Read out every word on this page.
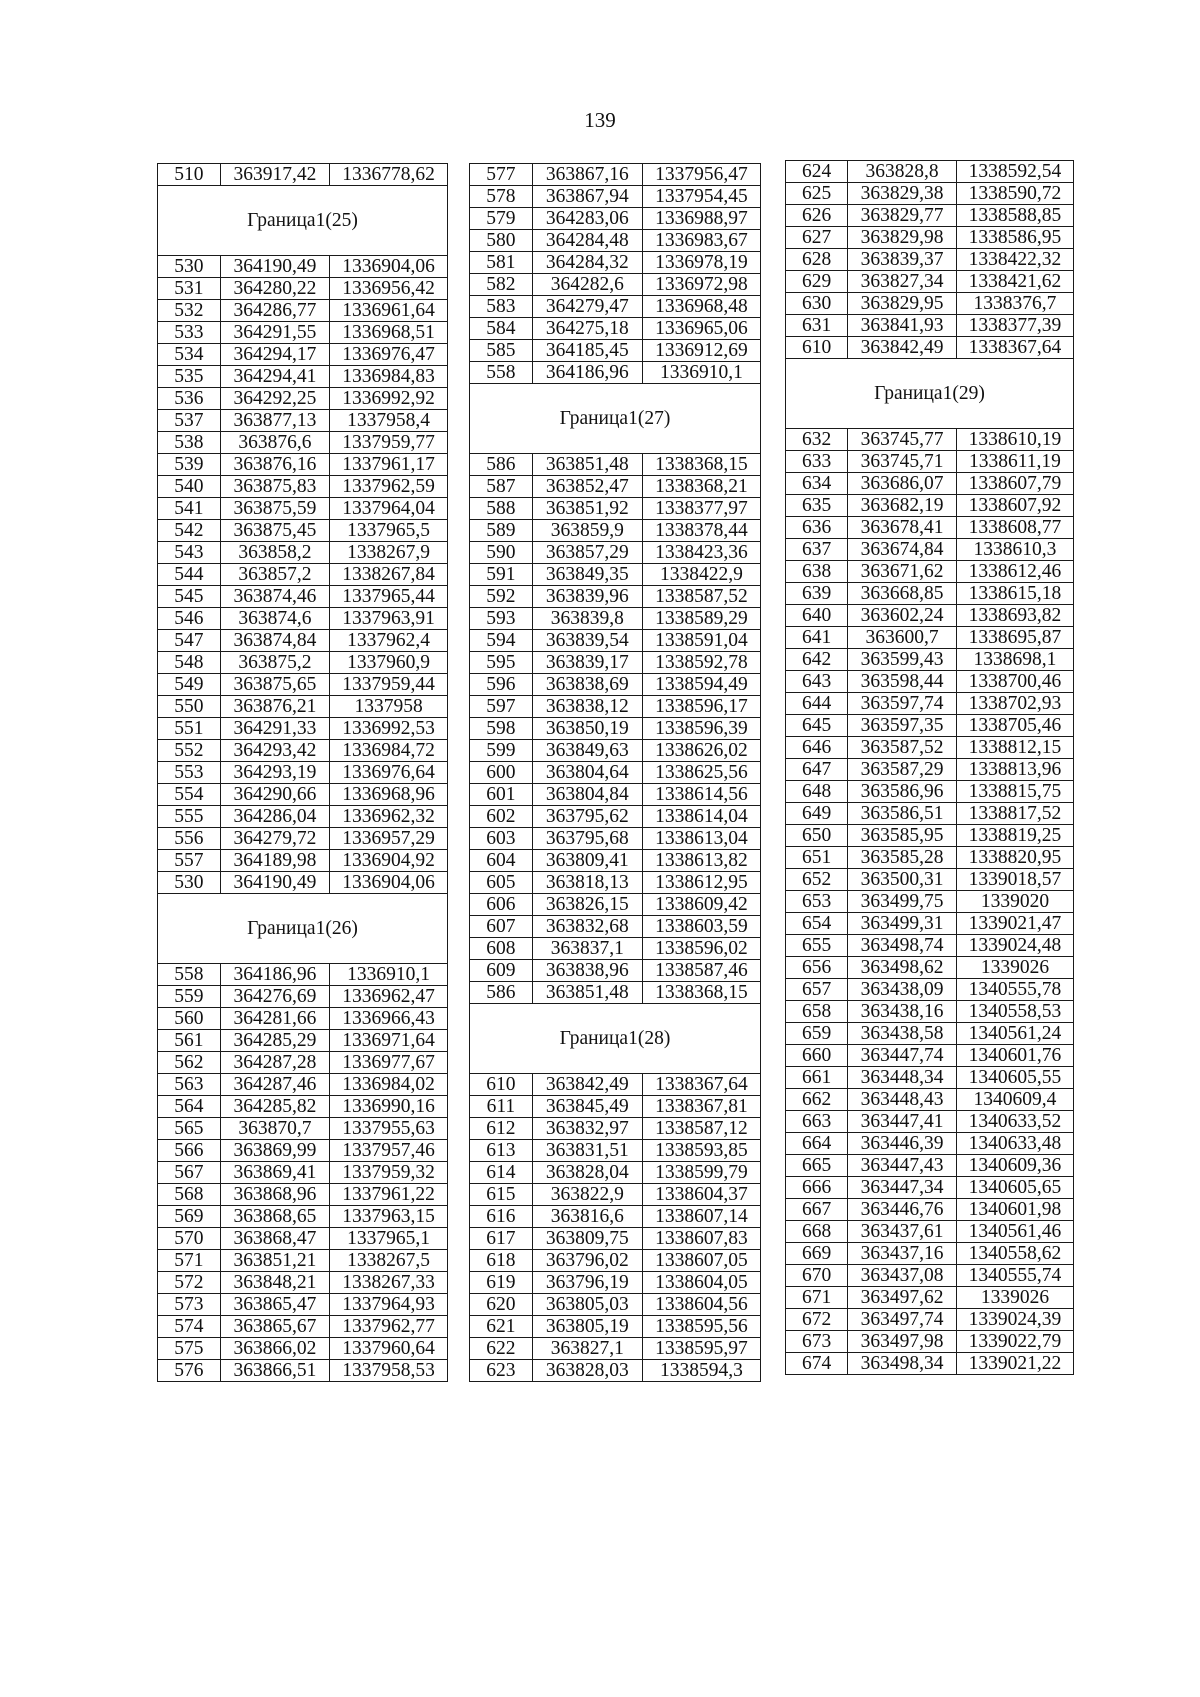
139
510	363917,42	1336778,62
Граница1(25)		
530	364190,49	1336904,06
531	364280,22	1336956,42
532	364286,77	1336961,64
533	364291,55	1336968,51
534	364294,17	1336976,47
535	364294,41	1336984,83
536	364292,25	1336992,92
537	363877,13	1337958,4
538	363876,6	1337959,77
539	363876,16	1337961,17
540	363875,83	1337962,59
541	363875,59	1337964,04
542	363875,45	1337965,5
543	363858,2	1338267,9
544	363857,2	1338267,84
545	363874,46	1337965,44
546	363874,6	1337963,91
547	363874,84	1337962,4
548	363875,2	1337960,9
549	363875,65	1337959,44
550	363876,21	1337958
551	364291,33	1336992,53
552	364293,42	1336984,72
553	364293,19	1336976,64
554	364290,66	1336968,96
555	364286,04	1336962,32
556	364279,72	1336957,29
557	364189,98	1336904,92
530	364190,49	1336904,06
Граница1(26)		
558	364186,96	1336910,1
559	364276,69	1336962,47
560	364281,66	1336966,43
561	364285,29	1336971,64
562	364287,28	1336977,67
563	364287,46	1336984,02
564	364285,82	1336990,16
565	363870,7	1337955,63
566	363869,99	1337957,46
567	363869,41	1337959,32
568	363868,96	1337961,22
569	363868,65	1337963,15
570	363868,47	1337965,1
571	363851,21	1338267,5
572	363848,21	1338267,33
573	363865,47	1337964,93
574	363865,67	1337962,77
575	363866,02	1337960,64
576	363866,51	1337958,53
577	363867,16	1337956,47
578	363867,94	1337954,45
579	364283,06	1336988,97
580	364284,48	1336983,67
581	364284,32	1336978,19
582	364282,6	1336972,98
583	364279,47	1336968,48
584	364275,18	1336965,06
585	364185,45	1336912,69
558	364186,96	1336910,1
Граница1(27)		
586	363851,48	1338368,15
587	363852,47	1338368,21
588	363851,92	1338377,97
589	363859,9	1338378,44
590	363857,29	1338423,36
591	363849,35	1338422,9
592	363839,96	1338587,52
593	363839,8	1338589,29
594	363839,54	1338591,04
595	363839,17	1338592,78
596	363838,69	1338594,49
597	363838,12	1338596,17
598	363850,19	1338596,39
599	363849,63	1338626,02
600	363804,64	1338625,56
601	363804,84	1338614,56
602	363795,62	1338614,04
603	363795,68	1338613,04
604	363809,41	1338613,82
605	363818,13	1338612,95
606	363826,15	1338609,42
607	363832,68	1338603,59
608	363837,1	1338596,02
609	363838,96	1338587,46
586	363851,48	1338368,15
Граница1(28)		
610	363842,49	1338367,64
611	363845,49	1338367,81
612	363832,97	1338587,12
613	363831,51	1338593,85
614	363828,04	1338599,79
615	363822,9	1338604,37
616	363816,6	1338607,14
617	363809,75	1338607,83
618	363796,02	1338607,05
619	363796,19	1338604,05
620	363805,03	1338604,56
621	363805,19	1338595,56
622	363827,1	1338595,97
623	363828,03	1338594,3
624	363828,8	1338592,54
625	363829,38	1338590,72
626	363829,77	1338588,85
627	363829,98	1338586,95
628	363839,37	1338422,32
629	363827,34	1338421,62
630	363829,95	1338376,7
631	363841,93	1338377,39
610	363842,49	1338367,64
Граница1(29)		
632	363745,77	1338610,19
633	363745,71	1338611,19
634	363686,07	1338607,79
635	363682,19	1338607,92
636	363678,41	1338608,77
637	363674,84	1338610,3
638	363671,62	1338612,46
639	363668,85	1338615,18
640	363602,24	1338693,82
641	363600,7	1338695,87
642	363599,43	1338698,1
643	363598,44	1338700,46
644	363597,74	1338702,93
645	363597,35	1338705,46
646	363587,52	1338812,15
647	363587,29	1338813,96
648	363586,96	1338815,75
649	363586,51	1338817,52
650	363585,95	1338819,25
651	363585,28	1338820,95
652	363500,31	1339018,57
653	363499,75	1339020
654	363499,31	1339021,47
655	363498,74	1339024,48
656	363498,62	1339026
657	363438,09	1340555,78
658	363438,16	1340558,53
659	363438,58	1340561,24
660	363447,74	1340601,76
661	363448,34	1340605,55
662	363448,43	1340609,4
663	363447,41	1340633,52
664	363446,39	1340633,48
665	363447,43	1340609,36
666	363447,34	1340605,65
667	363446,76	1340601,98
668	363437,61	1340561,46
669	363437,16	1340558,62
670	363437,08	1340555,74
671	363497,62	1339026
672	363497,74	1339024,39
673	363497,98	1339022,79
674	363498,34	1339021,22
